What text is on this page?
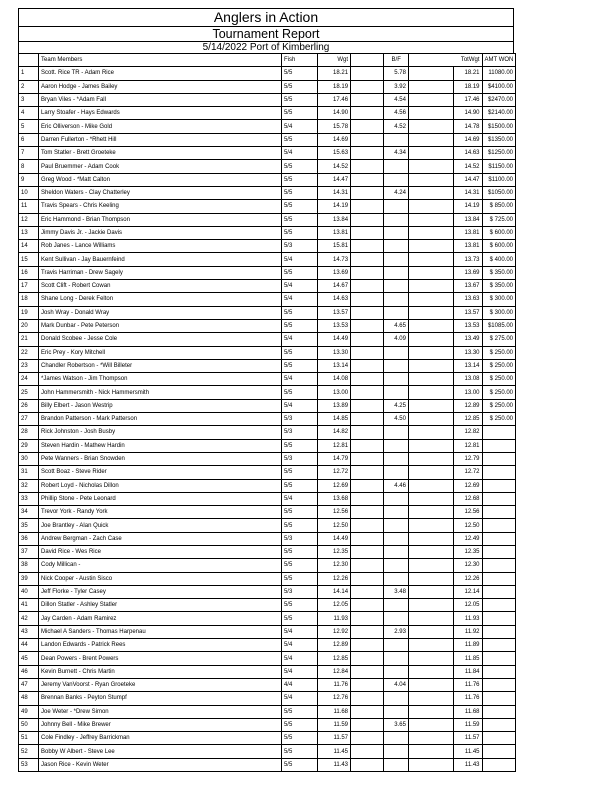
Anglers in Action
Tournament Report
5/14/2022 Port of Kimberling
	Team Members	Fish	Wgt		B/F	TotWgt		AMT WON
1	Scott. Rice TR - Adam Rice	5/5	18.21		5.78		18.21	11080.00
2	Aaron Hodge - James Bailey	5/5	18.19		3.92		18.19	$4100.00
3	Bryan Viles - *Adam Fall	5/5	17.46		4.54		17.46	$2470.00
4	Larry Stoafer - Hays Edwards	5/5	14.90		4.56		14.90	$2140.00
5	Eric Olliverson - Mike Gold	5/4	15.78		4.52		14.78	$1500.00
6	Darren Fullerton - *Rhett Hill	5/5	14.69				14.69	$1350.00
7	Tom Statler - Brett Groeteke	5/4	15.63		4.34		14.63	$1250.00
8	Paul Bruemmer - Adam Cook	5/5	14.52				14.52	$1150.00
9	Greg Wood - *Matt Calton	5/5	14.47				14.47	$1100.00
10	Sheldon Waters - Clay Chatterley	5/5	14.31		4.24		14.31	$1050.00
11	Travis Spears - Chris Keeling	5/5	14.19				14.19	$ 850.00
12	Eric Hammond - Brian Thompson	5/5	13.84				13.84	$ 725.00
13	Jimmy Davis Jr. - Jackie Davis	5/5	13.81				13.81	$ 600.00
14	Rob Janes - Lance Williams	5/3	15.81				13.81	$ 600.00
15	Kent Sullivan - Jay Bauernfeind	5/4	14.73				13.73	$ 400.00
16	Travis Harriman - Drew Sagely	5/5	13.69				13.69	$ 350.00
17	Scott Clift - Robert Cowan	5/4	14.67				13.67	$ 350.00
18	Shane Long - Derek Felton	5/4	14.63				13.63	$ 300.00
19	Josh Wray - Donald Wray	5/5	13.57				13.57	$ 300.00
20	Mark Dunbar - Pete Peterson	5/5	13.53		4.65		13.53	$1085.00
21	Donald Scobee - Jesse Cole	5/4	14.49		4.09		13.49	$ 275.00
22	Eric Prey - Kory Mitchell	5/5	13.30				13.30	$ 250.00
23	Chandler Robertson - *Will Billeter	5/5	13.14				13.14	$ 250.00
24	*James Watson - Jim Thompson	5/4	14.08				13.08	$ 250.00
25	John Hammersmith - Nick Hammersmith	5/5	13.00				13.00	$ 250.00
26	Billy Elbert - Jason Westrip	5/4	13.89		4.25		12.89	$ 250.00
27	Brandon Patterson - Mark Patterson	5/3	14.85		4.50		12.85	$ 250.00
28	Rick Johnston - Josh Busby	5/3	14.82				12.82	
29	Steven Hardin - Mathew Hardin	5/5	12.81				12.81	
30	Pete Wanners - Brian Snowden	5/3	14.79				12.79	
31	Scott Boaz - Steve Rider	5/5	12.72				12.72	
32	Robert Loyd - Nicholas Dillon	5/5	12.69		4.46		12.69	
33	Phillip Stone - Pete Leonard	5/4	13.68				12.68	
34	Trevor York - Randy York	5/5	12.56				12.56	
35	Joe Brantley - Alan Quick	5/5	12.50				12.50	
36	Andrew Bergman - Zach Case	5/3	14.49				12.49	
37	David Rice - Wes Rice	5/5	12.35				12.35	
38	Cody Millican -	5/5	12.30				12.30	
39	Nick Cooper - Austin Sisco	5/5	12.26				12.26	
40	Jeff Florke - Tyler Casey	5/3	14.14		3.48		12.14	
41	Dillon Statler - Ashley Statler	5/5	12.05				12.05	
42	Jay Carden - Adam Ramirez	5/5	11.93				11.93	
43	Michael A Sanders - Thomas Harpenau	5/4	12.92		2.93		11.92	
44	Landon Edwards - Patrick Rees	5/4	12.89				11.89	
45	Dean Powers - Brent Powers	5/4	12.85				11.85	
46	Kevin Burnett - Chris Martin	5/4	12.84				11.84	
47	Jeremy VanVoorst - Ryan Groeteke	4/4	11.76		4.04		11.76	
48	Brennan Banks - Peyton Stumpf	5/4	12.76				11.76	
49	Joe Weter - *Drew Simon	5/5	11.68				11.68	
50	Johnny Bell - Mike Brewer	5/5	11.59		3.65		11.59	
51	Cole Findley - Jeffrey Barrickman	5/5	11.57				11.57	
52	Bobby W Albert - Steve Lee	5/5	11.45				11.45	
53	Jason Rice - Kevin Weter	5/5	11.43				11.43	
